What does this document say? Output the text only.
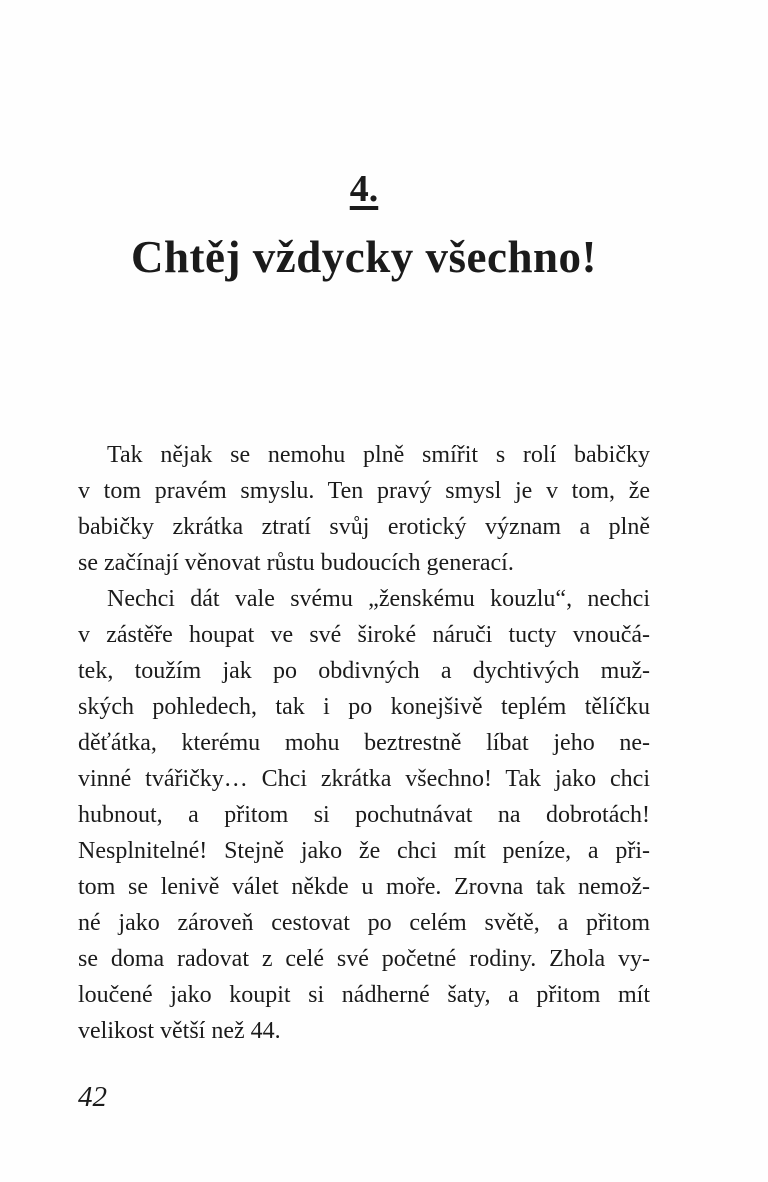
4.
Chtěj vždycky všechno!
Tak nějak se nemohu plně smířit s rolí babičky
v tom pravém smyslu. Ten pravý smysl je v tom, že
babičky zkrátka ztratí svůj erotický význam a plně
se začínají věnovat růstu budoucích generací.
Nechci dát vale svému „ženskému kouzlu“, nechci
v zástěře houpat ve své široké náruči tucty vnoučá-
tek, toužím jak po obdivných a dychtivých muž-
ských pohledech, tak i po konejšivě teplém tělíčku
děťátka, kterému mohu beztrestně líbat jeho ne-
vinné tvářičky… Chci zkrátka všechno! Tak jako chci
hubnout, a přitom si pochutnávat na dobrotách!
Nesplnitelné! Stejně jako že chci mít peníze, a při-
tom se lenivě válet někde u moře. Zrovna tak nemož-
né jako zároveň cestovat po celém světě, a přitom
se doma radovat z celé své početné rodiny. Zhola vy-
loučené jako koupit si nádherné šaty, a přitom mít
velikost větší než 44.
42
